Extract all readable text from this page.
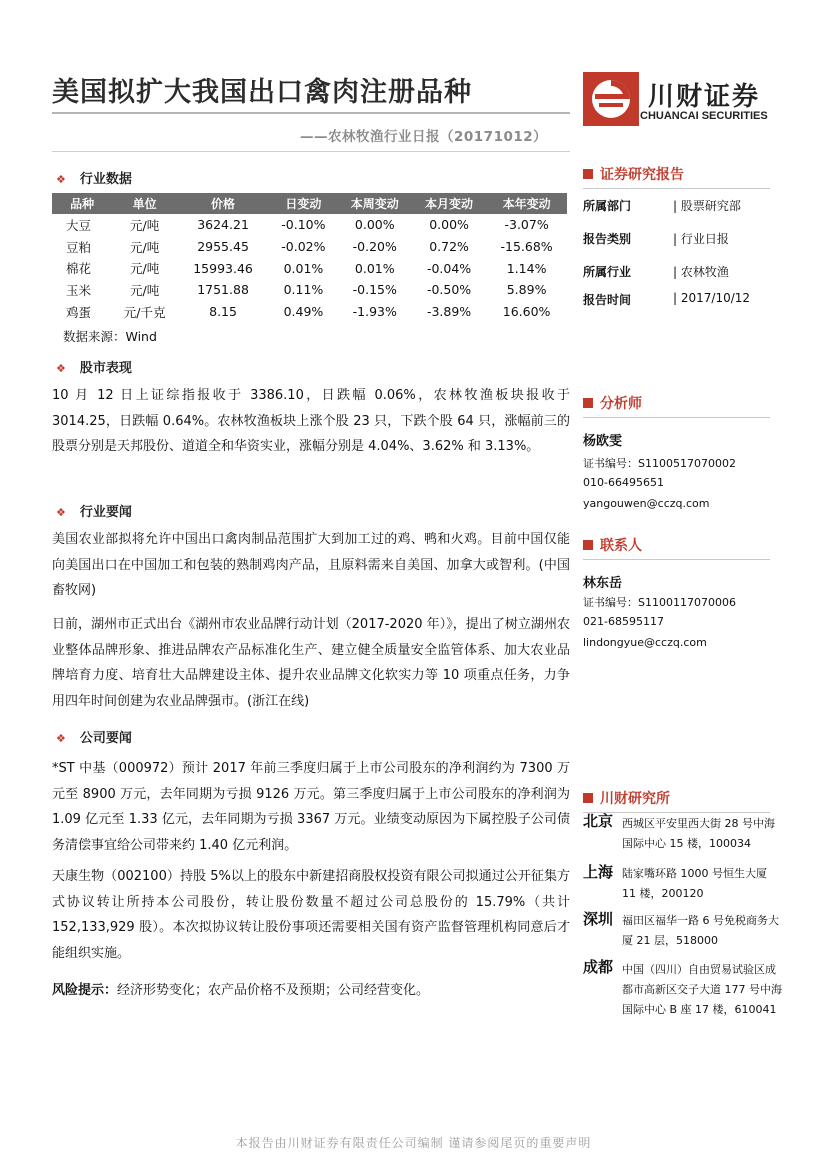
美国拟扩大我国出口禽肉注册品种
——农林牧渔行业日报（20171012）
川财证券
CHUANCAI SECURITIES
❖ 行业数据
品种	单位	价格	日变动	本周变动	本月变动	本年变动
大豆	元/吨	3624.21	-0.10%	0.00%	0.00%	-3.07%
豆粕	元/吨	2955.45	-0.02%	-0.20%	0.72%	-15.68%
棉花	元/吨	15993.46	0.01%	0.01%	-0.04%	1.14%
玉米	元/吨	1751.88	0.11%	-0.15%	-0.50%	5.89%
鸡蛋	元/千克	8.15	0.49%	-1.93%	-3.89%	16.60%
数据来源：Wind
❖ 股市表现
10 月 12 日上证综指报收于 3386.10，日跌幅 0.06%，农林牧渔板块报收于 3014.25，日跌幅 0.64%。农林牧渔板块上涨个股 23 只，下跌个股 64 只，涨幅前三的股票分别是天邦股份、道道全和华资实业，涨幅分别是 4.04%、3.62% 和 3.13%。
❖ 行业要闻
美国农业部拟将允许中国出口禽肉制品范围扩大到加工过的鸡、鸭和火鸡。目前中国仅能向美国出口在中国加工和包装的熟制鸡肉产品，且原料需来自美国、加拿大或智利。(中国畜牧网)
日前，湖州市正式出台《湖州市农业品牌行动计划（2017-2020 年）》，提出了树立湖州农业整体品牌形象、推进品牌农产品标准化生产、建立健全质量安全监管体系、加大农业品牌培育力度、培育壮大品牌建设主体、提升农业品牌文化软实力等 10 项重点任务，力争用四年时间创建为农业品牌强市。(浙江在线)
❖ 公司要闻
*ST 中基（000972）预计 2017 年前三季度归属于上市公司股东的净利润约为 7300 万元至 8900 万元，去年同期为亏损 9126 万元。第三季度归属于上市公司股东的净利润为 1.09 亿元至 1.33 亿元，去年同期为亏损 3367 万元。业绩变动原因为下属控股子公司债务清偿事宜给公司带来约 1.40 亿元利润。
天康生物（002100）持股 5%以上的股东中新建招商股权投资有限公司拟通过公开征集方式协议转让所持本公司股份，转让股份数量不超过公司总股份的 15.79%（共计 152,133,929 股）。本次拟协议转让股份事项还需要相关国有资产监督管理机构同意后才能组织实施。
风险提示：经济形势变化；农产品价格不及预期；公司经营变化。
证券研究报告
所属部门	| 股票研究部
报告类别	| 行业日报
所属行业	| 农林牧渔
报告时间	| 2017/10/12
分析师
杨欧雯
证书编号：S1100517070002
010-66495651
yangouwen@cczq.com
联系人
林东岳
证书编号：S1100117070006
021-68595117
lindongyue@cczq.com
川财研究所
北京 西城区平安里西大街 28 号中海国际中心 15 楼，100034
上海 陆家嘴环路 1000 号恒生大厦 11 楼，200120
深圳 福田区福华一路 6 号免税商务大厦 21 层，518000
成都 中国（四川）自由贸易试验区成都市高新区交子大道 177 号中海国际中心 B 座 17 楼，610041
本报告由川财证券有限责任公司编制 谨请参阅尾页的重要声明
